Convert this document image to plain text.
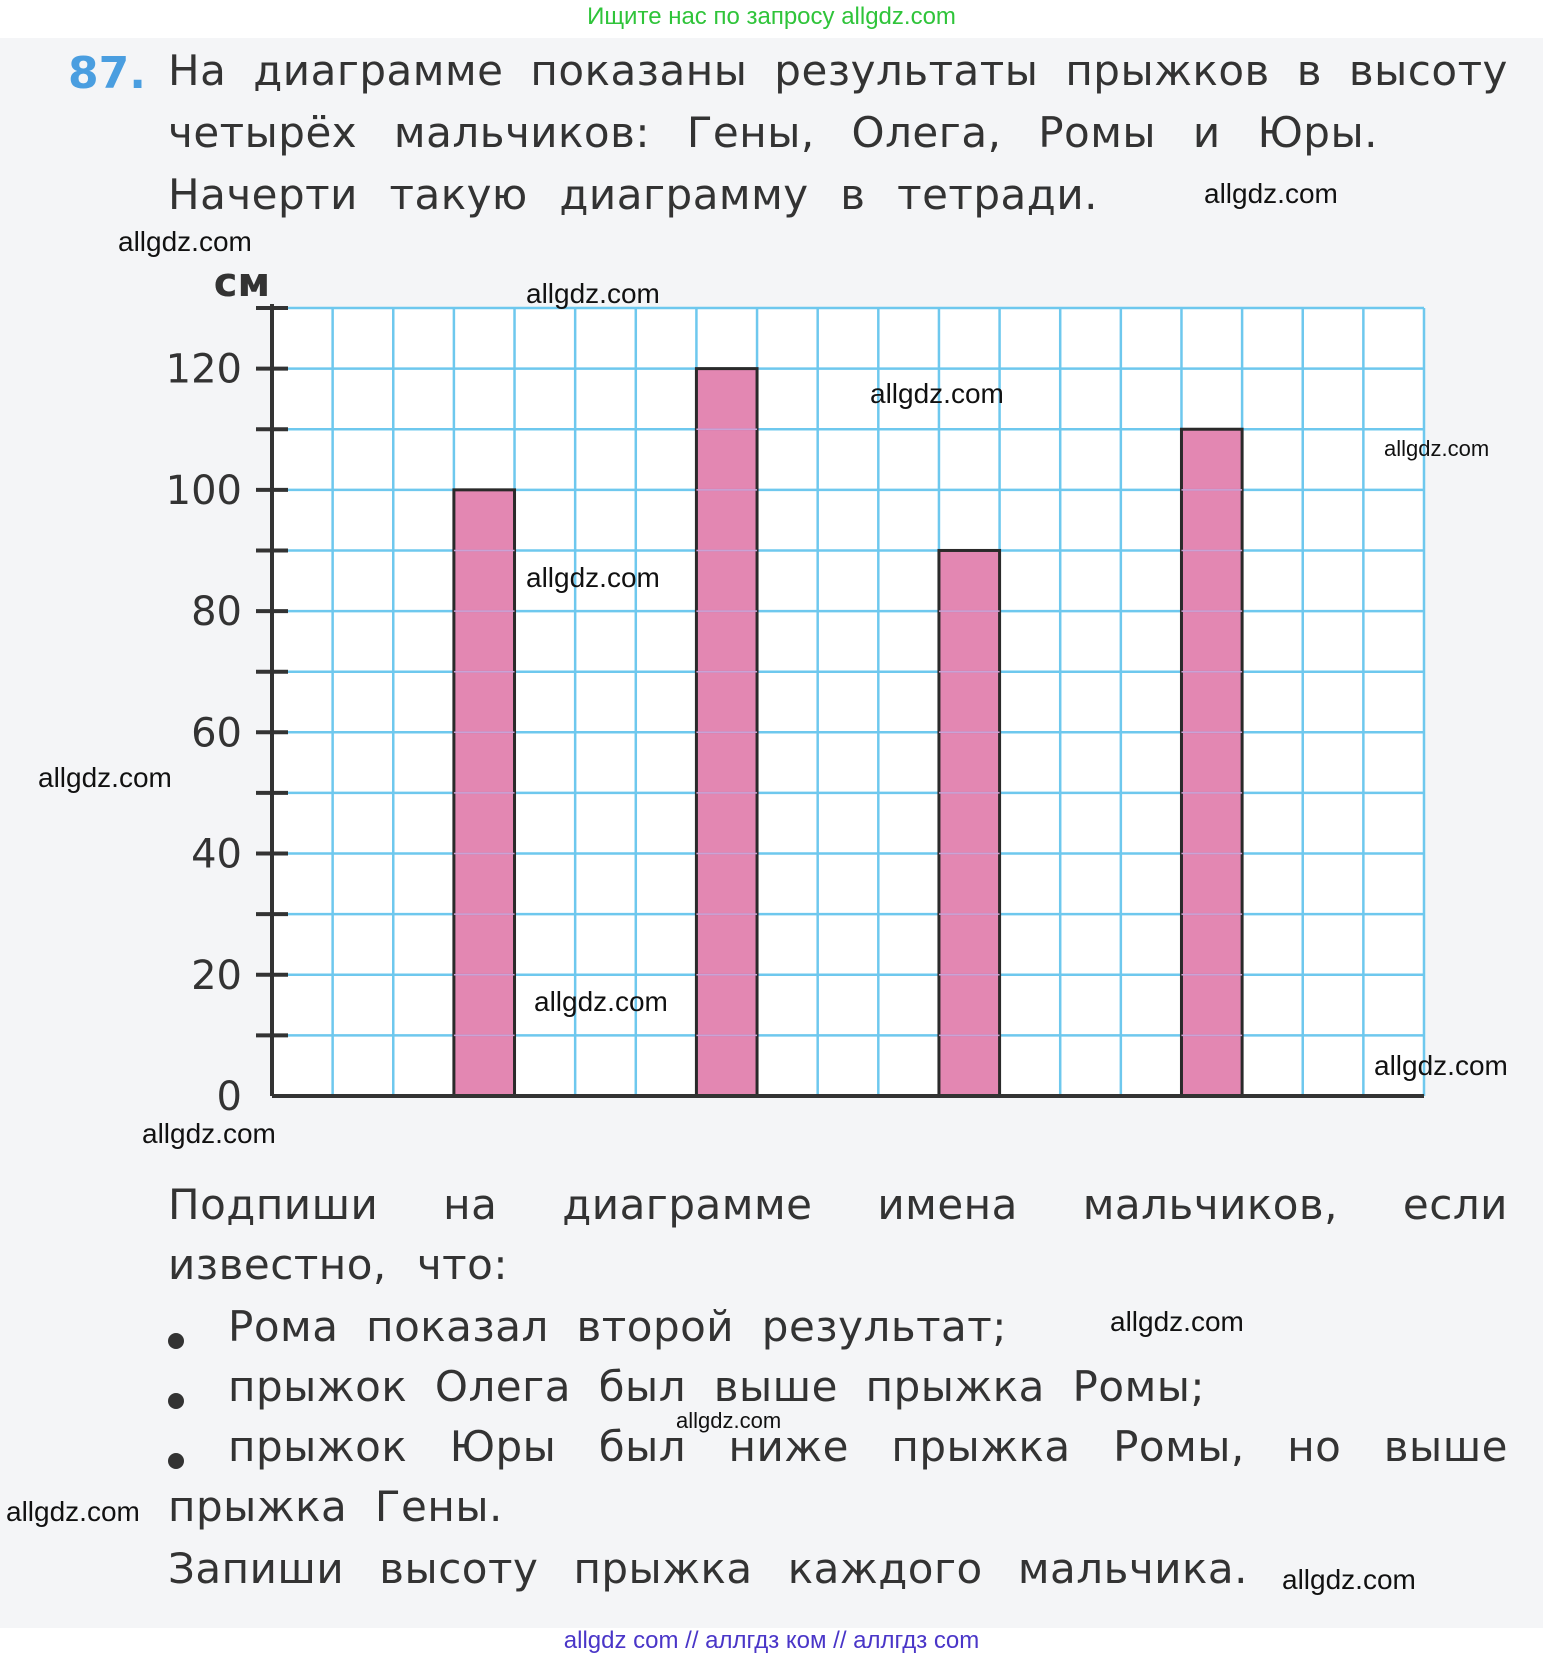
Ищите нас по запросу allgdz.com
87. На диаграмме показаны результаты прыжков в высоту
четырёх мальчиков: Гены, Олега, Ромы и Юры.
Начерти такую диаграмму в тетради.
0
20
40
60
80
100
120
см
Подпиши на диаграмме имена мальчиков, если
известно, что:
Рома  показал  второй  результат;
прыжок  Олега  был  выше  прыжка  Ромы;
прыжок Юры был ниже прыжка Ромы, но выше
прыжка  Гены.
Запиши высоту прыжка каждого мальчика.
allgdz.com
allgdz.com
allgdz.com
allgdz.com
allgdz.com
allgdz.com
allgdz.com
allgdz.com
allgdz.com
allgdz.com
allgdz.com
allgdz.com
allgdz.com
allgdz.com
allgdz com // аллгдз ком // аллгдз com
